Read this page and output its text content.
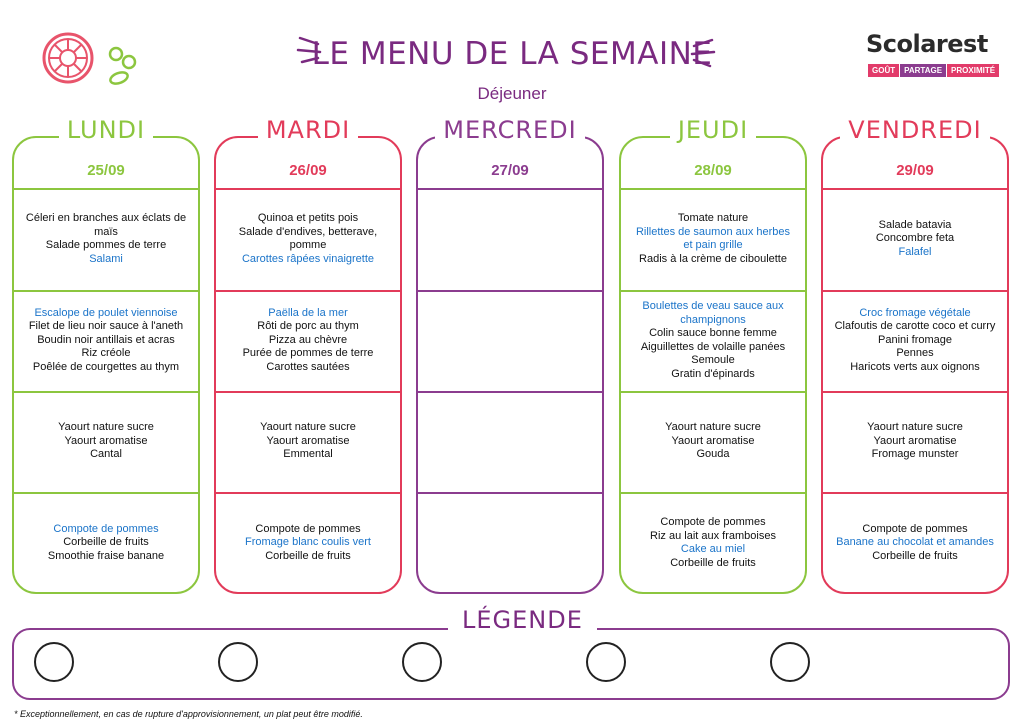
LE MENU DE LA SEMAINE
Déjeuner
Scolarest
GOÛT	PARTAGE	PROXIMITÉ
LUNDI
25/09
Céleri en branches aux éclats de maïs
Salade pommes de terre
Salami
Escalope de poulet viennoise
Filet de lieu noir sauce à l'aneth
Boudin noir antillais et acras
Riz créole
Poêlée de courgettes au thym
Yaourt nature sucre
Yaourt aromatise
Cantal
Compote de pommes
Corbeille de fruits
Smoothie fraise banane
MARDI
26/09
Quinoa et petits pois
Salade d'endives, betterave, pomme
Carottes râpées vinaigrette
Paëlla de la mer
Rôti de porc au thym
Pizza au chèvre
Purée de pommes de terre
Carottes sautées
Yaourt nature sucre
Yaourt aromatise
Emmental
Compote de pommes
Fromage blanc coulis vert
Corbeille de fruits
MERCREDI
27/09
JEUDI
28/09
Tomate nature
Rillettes de saumon aux herbes et pain grille
Radis à la crème de ciboulette
Boulettes de veau sauce aux champignons
Colin sauce bonne femme
Aiguillettes de volaille panées
Semoule
Gratin d'épinards
Yaourt nature sucre
Yaourt aromatise
Gouda
Compote de pommes
Riz au lait aux framboises
Cake au miel
Corbeille de fruits
VENDREDI
29/09
Salade batavia
Concombre feta
Falafel
Croc fromage végétale
Clafoutis de carotte coco et curry
Panini fromage
Pennes
Haricots verts aux oignons
Yaourt nature sucre
Yaourt aromatise
Fromage munster
Compote de pommes
Banane au chocolat et amandes
Corbeille de fruits
LÉGENDE
* Exceptionnellement, en cas de rupture d'approvisionnement, un plat peut être modifié.
